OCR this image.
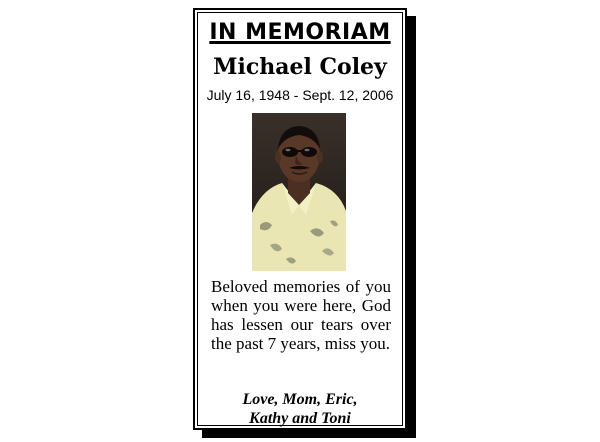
IN MEMORIAM
Michael Coley
July 16, 1948 - Sept. 12, 2006
Beloved memories of you when you were here, God has lessen our tears over the past 7 years, miss you.
Love, Mom, Eric,
Kathy and Toni
